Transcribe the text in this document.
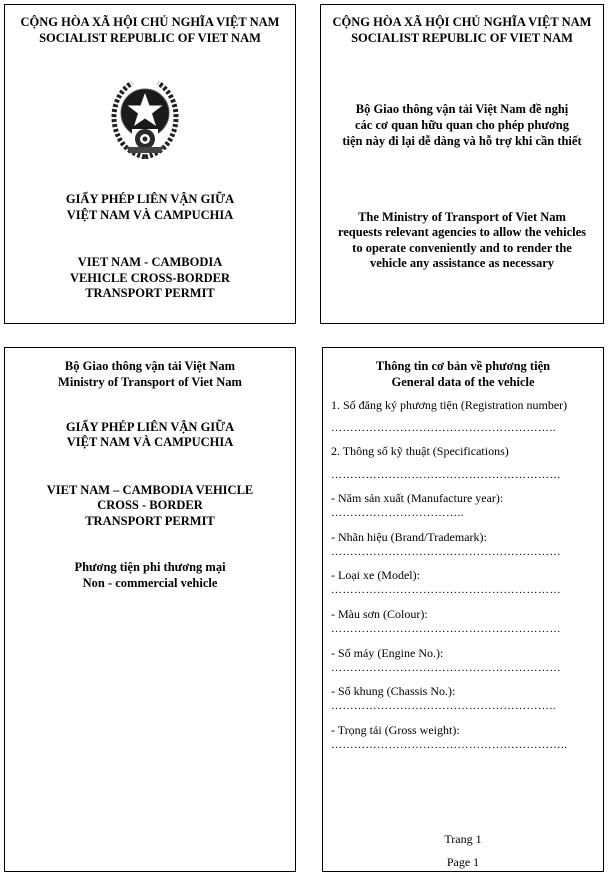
CỘNG HÒA XÃ HỘI CHỦ NGHĨA VIỆT NAM
SOCIALIST REPUBLIC OF VIET NAM
GIẤY PHÉP LIÊN VẬN GIỮA
VIỆT NAM VÀ CAMPUCHIA
VIET NAM - CAMBODIA
VEHICLE CROSS-BORDER
TRANSPORT PERMIT
CỘNG HÒA XÃ HỘI CHỦ NGHĨA VIỆT NAM
SOCIALIST REPUBLIC OF VIET NAM
Bộ Giao thông vận tải Việt Nam đề nghị
các cơ quan hữu quan cho phép phương
tiện này đi lại dễ dàng và hỗ trợ khi cần thiết
The Ministry of Transport of Viet Nam
requests relevant agencies to allow the vehicles
to operate conveniently and to render the
vehicle any assistance as necessary
Bộ Giao thông vận tải Việt Nam
Ministry of Transport of Viet Nam
GIẤY PHÉP LIÊN VẬN GIỮA
VIỆT NAM VÀ CAMPUCHIA
VIET NAM – CAMBODIA VEHICLE
CROSS - BORDER
TRANSPORT PERMIT
Phương tiện phi thương mại
Non - commercial vehicle
Thông tin cơ bản về phương tiện
General data of the vehicle
1. Số đăng ký phương tiện (Registration number)
…………………………………………………..
2. Thông số kỹ thuật (Specifications)
……………………………………………………
- Năm sản xuất (Manufacture year):
……………………………..
- Nhãn hiệu (Brand/Trademark):
……………………………………………………
- Loại xe (Model):
……………………………………………………
- Màu sơn (Colour):
……………………………………………………
- Số máy (Engine No.):
……………………………………………………
- Số khung (Chassis No.):
…………………………………………………..
- Trọng tải (Gross weight):
……………………………………………………..
Trang 1
Page 1
